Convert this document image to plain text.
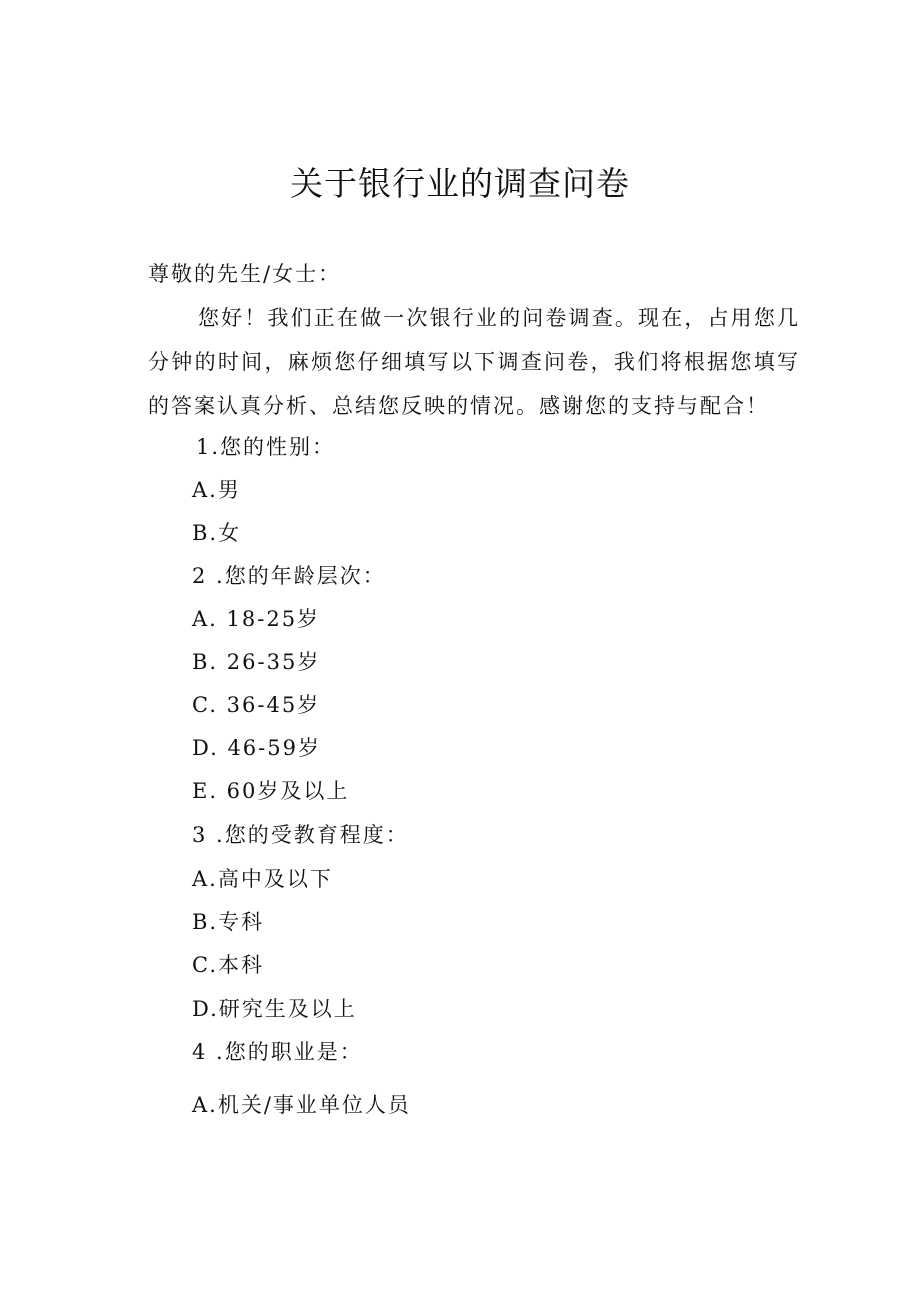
关于银行业的调查问卷
尊敬的先生/女士：

您好！我们正在做一次银行业的问卷调查。现在，占用您几分钟的时间，麻烦您仔细填写以下调查问卷，我们将根据您填写的答案认真分析、总结您反映的情况。感谢您的支持与配合！

1.您的性别：
A.男
B.女
2 .您的年龄层次：
A. 18-25岁
B. 26-35岁
C. 36-45岁
D. 46-59岁
E. 60岁及以上
3 .您的受教育程度：
A.高中及以下
B.专科
C.本科
D.研究生及以上
4 .您的职业是：
A.机关/事业单位人员
